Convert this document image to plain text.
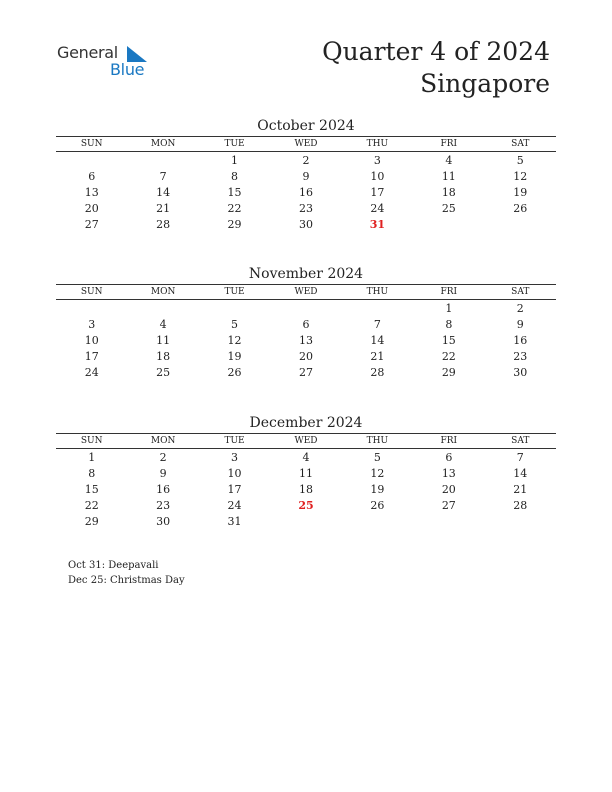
General
Blue
Quarter 4 of 2024
Singapore
October 2024
SUN	MON	TUE	WED	THU	FRI	SAT
		1	2	3	4	5
6	7	8	9	10	11	12
13	14	15	16	17	18	19
20	21	22	23	24	25	26
27	28	29	30	31		
November 2024
SUN	MON	TUE	WED	THU	FRI	SAT
					1	2
3	4	5	6	7	8	9
10	11	12	13	14	15	16
17	18	19	20	21	22	23
24	25	26	27	28	29	30
December 2024
SUN	MON	TUE	WED	THU	FRI	SAT
1	2	3	4	5	6	7
8	9	10	11	12	13	14
15	16	17	18	19	20	21
22	23	24	25	26	27	28
29	30	31				
Oct 31: Deepavali
Dec 25: Christmas Day
